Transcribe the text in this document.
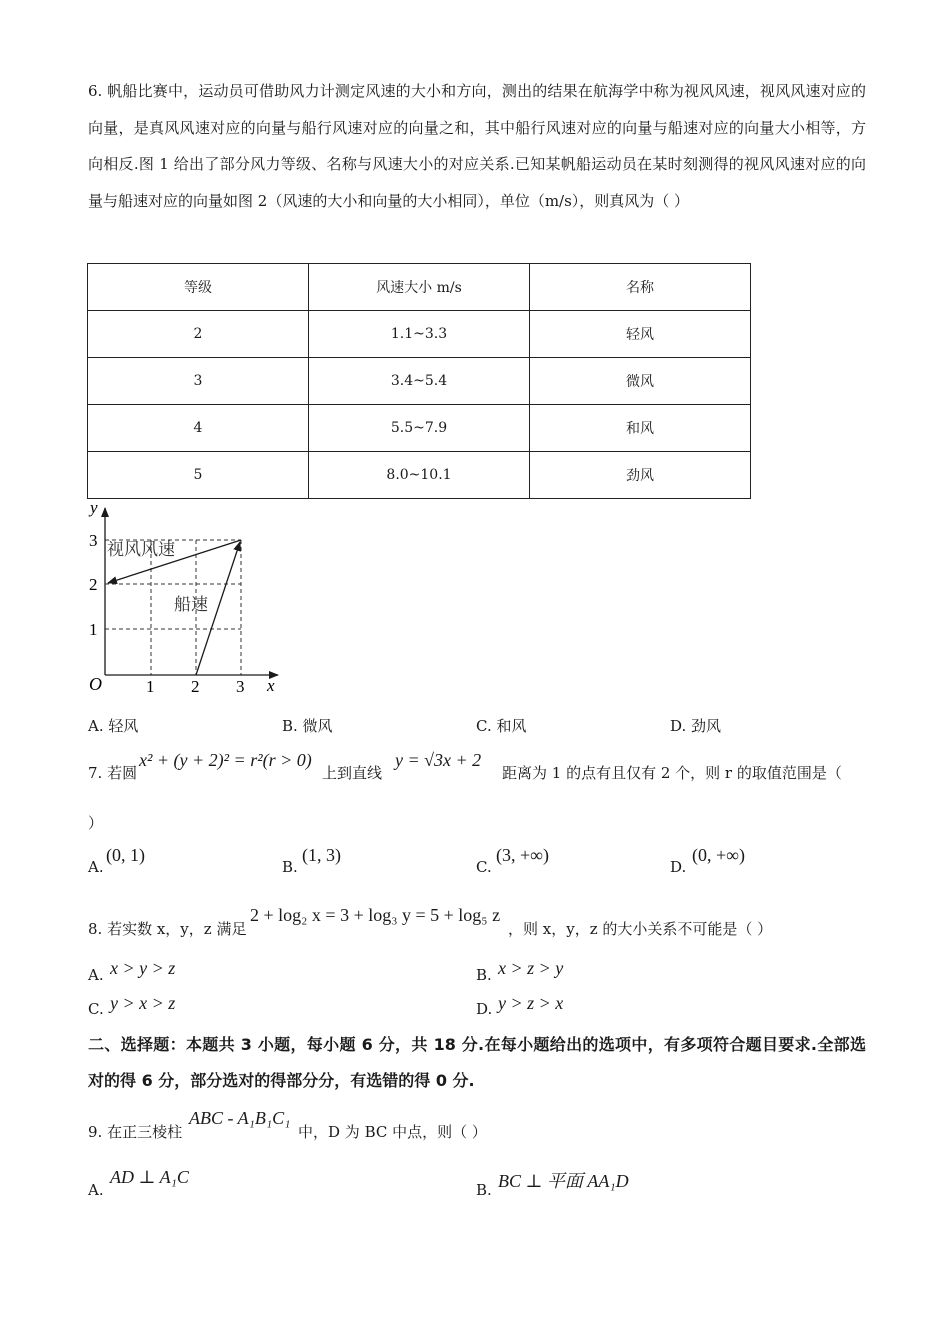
6. 帆船比赛中，运动员可借助风力计测定风速的大小和方向，测出的结果在航海学中称为视风风速，视风风速对应的向量，是真风风速对应的向量与船行风速对应的向量之和，其中船行风速对应的向量与船速对应的向量大小相等，方向相反.图 1 给出了部分风力等级、名称与风速大小的对应关系.已知某帆船运动员在某时刻测得的视风风速对应的向量与船速对应的向量如图 2（风速的大小和向量的大小相同），单位（m/s），则真风为（ ）
等级	风速大小 m/s	名称
2	1.1~3.3	轻风
3	3.4~5.4	微风
4	5.5~7.9	和风
5	8.0~10.1	劲风
y
x
O	1 2 3
1
2
3 视风风速
船速
A. 轻风	B. 微风	C. 和风	D. 劲风
7. 若圆
x² + (y + 2)² = r²(r > 0)
上到直线
y = √3x + 2
距离为 1 的点有且仅有 2 个，则 r 的取值范围是（
）
A.
(0, 1)
B.
(1, 3)
C.
(3, +∞)
D.
(0, +∞)
8. 若实数 x，y，z 满足
2 + log₂ x = 3 + log₃ y = 5 + log₅ z
，则 x，y，z 的大小关系不可能是（ ）
A. x > y > z	B. x > z > y
C. y > x > z	D. y > z > x
二、选择题：本题共 3 小题，每小题 6 分，共 18 分.在每小题给出的选项中，有多项符合题目要求.全部选对的得 6 分，部分选对的得部分分，有选错的得 0 分.
9. 在正三棱柱
ABC - A₁B₁C₁
中，D 为 BC 中点，则（ ）
A.
AD ⊥ A₁C
B. BC ⊥ 平面 AA₁D
